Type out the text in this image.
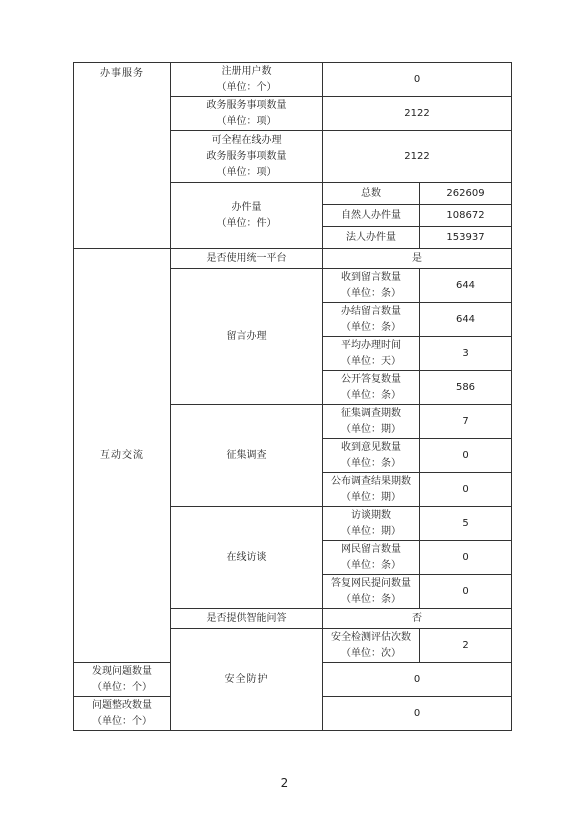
办事服务	注册用户数
（单位：个）	0	

	政务服务事项数量
（单位：项）	2122	

	可全程在线办理
政务服务事项数量
（单位：项）	2122	

	办件量
（单位：件）	总数	262609
		自然人办件量	108672
		法人办件量	153937
互动交流	是否使用统一平台	是	
	留言办理	收到留言数量
（单位：条）	644

		办结留言数量
（单位：条）	644

		平均办理时间
（单位：天）	3

		公开答复数量
（单位：条）	586
	征集调查	征集调查期数
（单位：期）	7

		收到意见数量
（单位：条）	0

		公布调查结果期数
（单位：期）	0
	在线访谈	访谈期数
（单位：期）	5

		网民留言数量
（单位：条）	0

		答复网民提问数量
（单位：条）	0
	是否提供智能问答	否	
	安全防护	安全检测评估次数
（单位：次）	2

发现问题数量
（单位：个）		0	

问题整改数量
（单位：个）		0	
2
